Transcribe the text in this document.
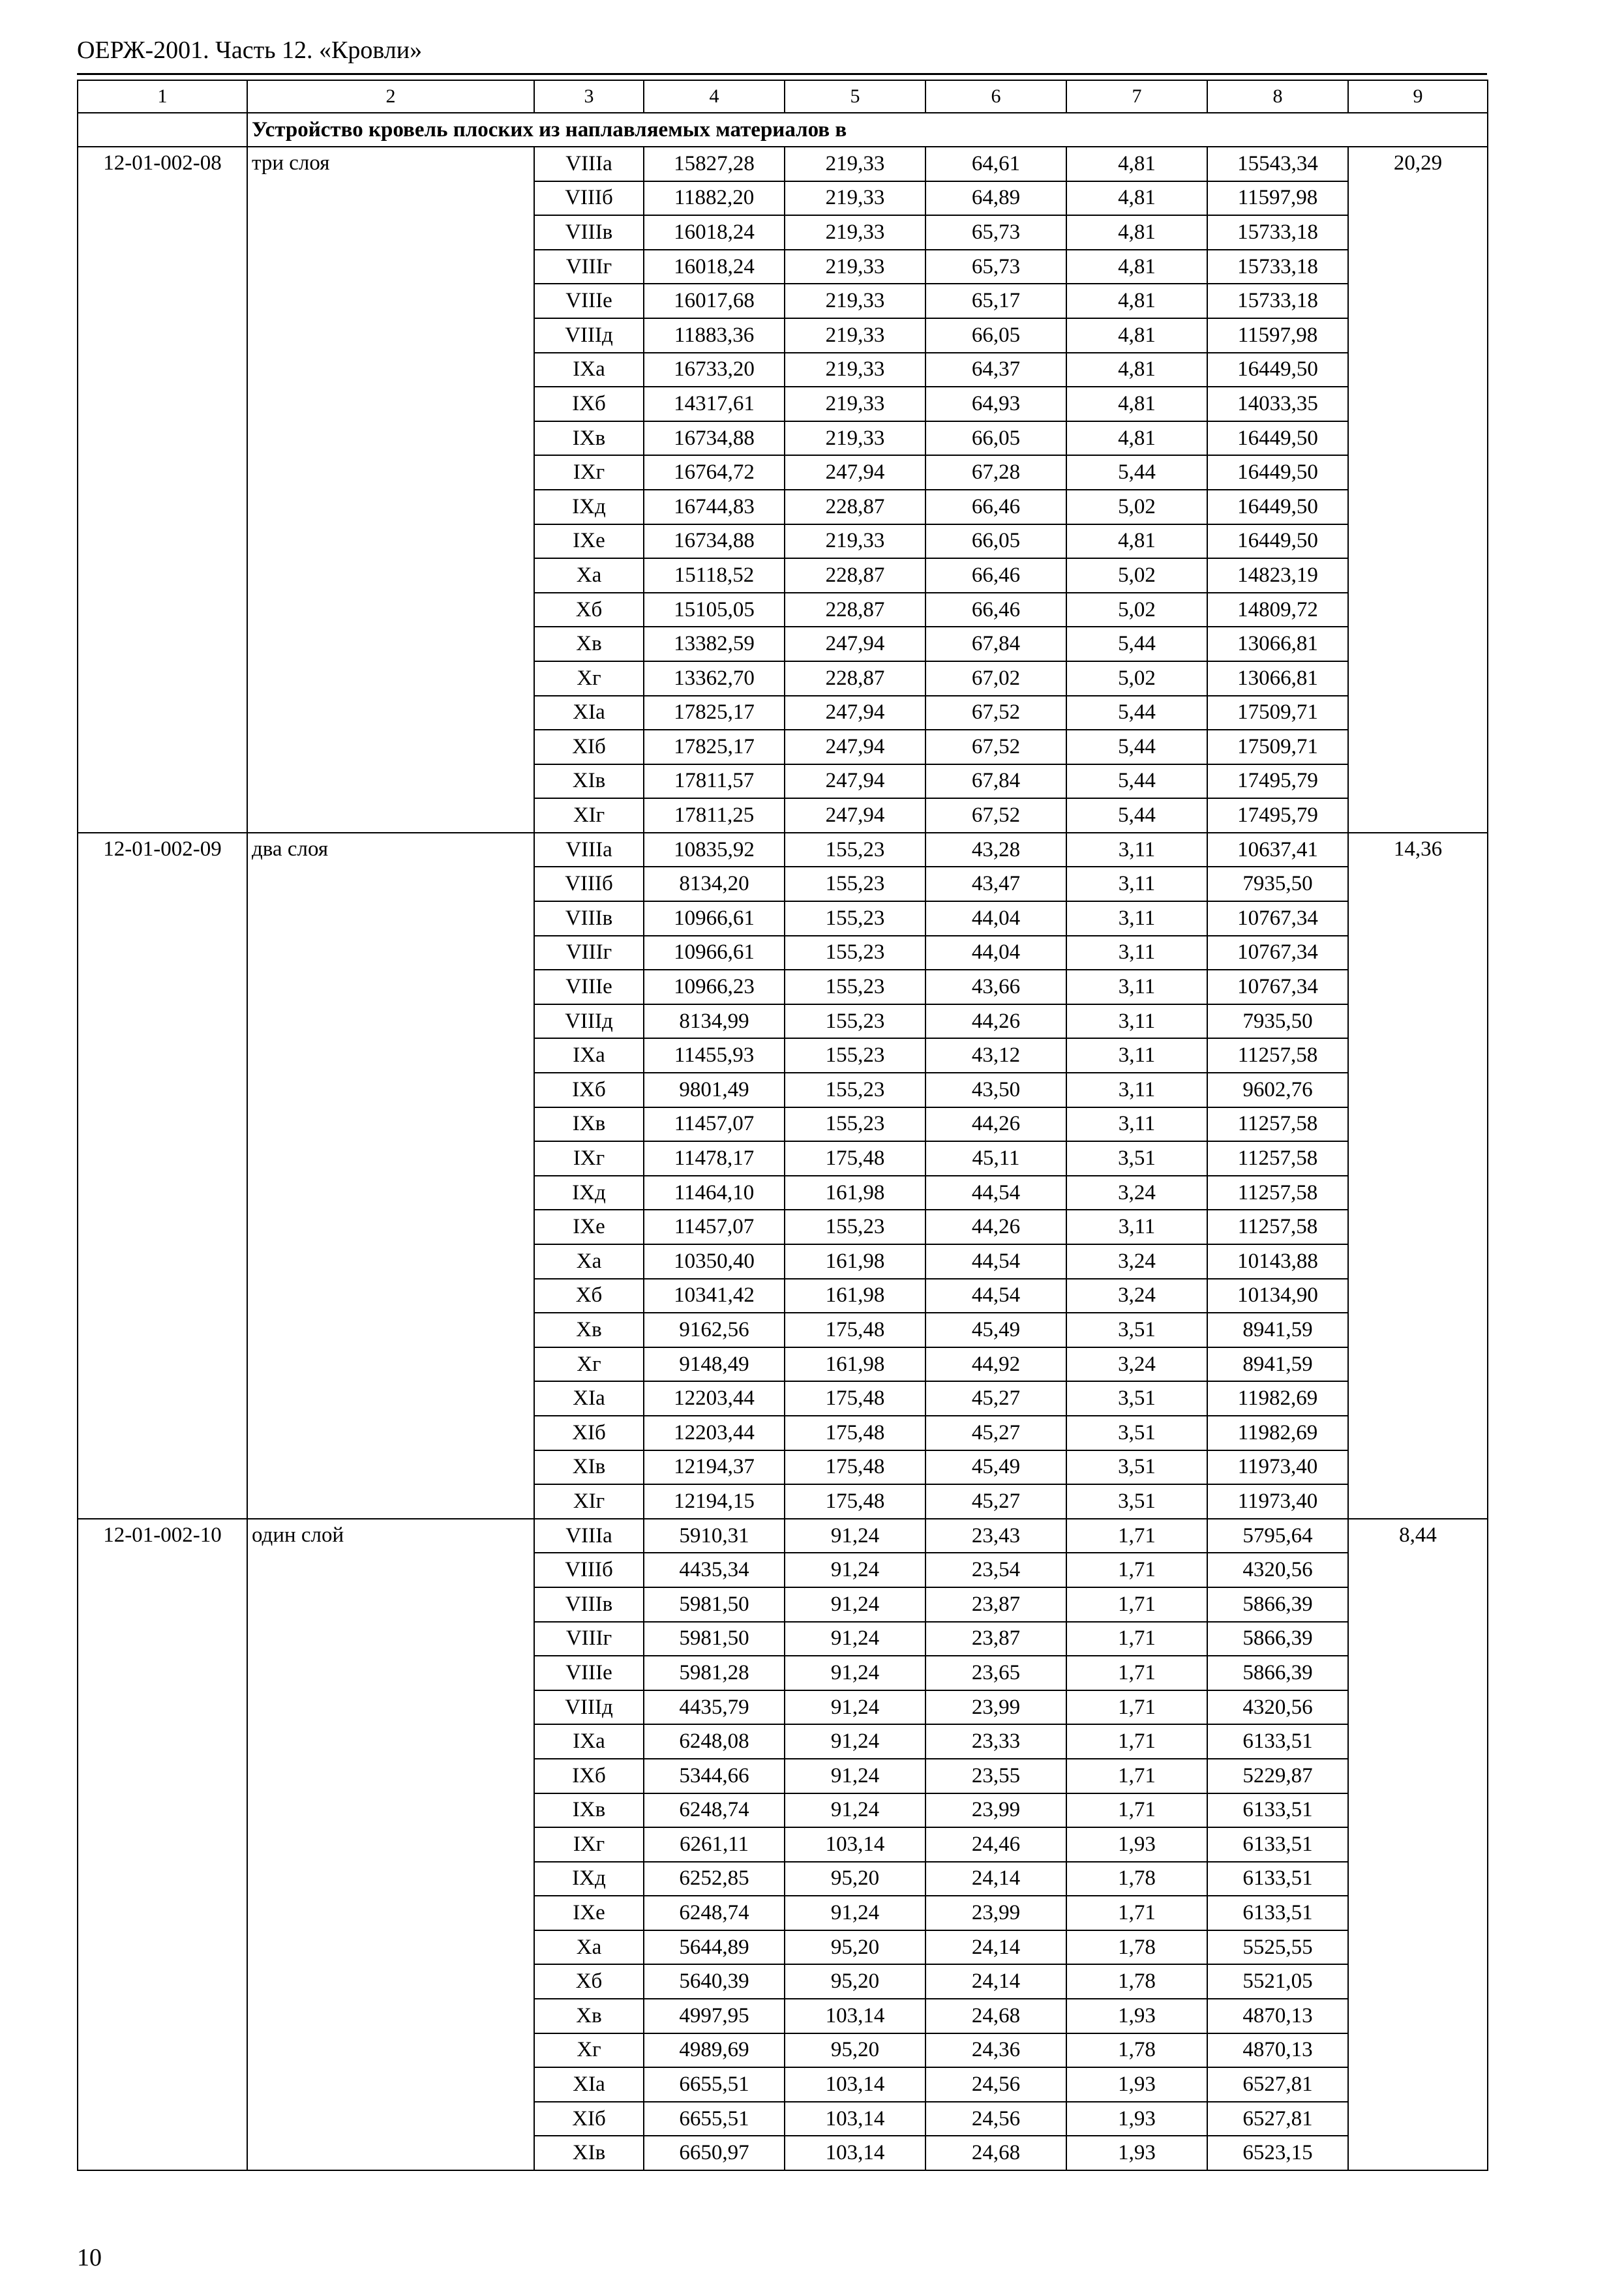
ОЕРЖ-2001. Часть 12. «Кровли»
1	2	3	4	5	6	7	8	9
	Устройство кровель плоских из наплавляемых материалов в							
12-01-002-08	три слоя	VIIIа	15827,28	219,33	64,61	4,81	15543,34	20,29
		VIIIб	11882,20	219,33	64,89	4,81	11597,98	
		VIIIв	16018,24	219,33	65,73	4,81	15733,18	
		VIIIг	16018,24	219,33	65,73	4,81	15733,18	
		VIIIе	16017,68	219,33	65,17	4,81	15733,18	
		VIIIд	11883,36	219,33	66,05	4,81	11597,98	
		IXа	16733,20	219,33	64,37	4,81	16449,50	
		IXб	14317,61	219,33	64,93	4,81	14033,35	
		IXв	16734,88	219,33	66,05	4,81	16449,50	
		IXг	16764,72	247,94	67,28	5,44	16449,50	
		IXд	16744,83	228,87	66,46	5,02	16449,50	
		IXе	16734,88	219,33	66,05	4,81	16449,50	
		Xа	15118,52	228,87	66,46	5,02	14823,19	
		Xб	15105,05	228,87	66,46	5,02	14809,72	
		Xв	13382,59	247,94	67,84	5,44	13066,81	
		Xг	13362,70	228,87	67,02	5,02	13066,81	
		XIа	17825,17	247,94	67,52	5,44	17509,71	
		XIб	17825,17	247,94	67,52	5,44	17509,71	
		XIв	17811,57	247,94	67,84	5,44	17495,79	
		XIг	17811,25	247,94	67,52	5,44	17495,79	
12-01-002-09	два слоя	VIIIа	10835,92	155,23	43,28	3,11	10637,41	14,36
		VIIIб	8134,20	155,23	43,47	3,11	7935,50	
		VIIIв	10966,61	155,23	44,04	3,11	10767,34	
		VIIIг	10966,61	155,23	44,04	3,11	10767,34	
		VIIIе	10966,23	155,23	43,66	3,11	10767,34	
		VIIIд	8134,99	155,23	44,26	3,11	7935,50	
		IXа	11455,93	155,23	43,12	3,11	11257,58	
		IXб	9801,49	155,23	43,50	3,11	9602,76	
		IXв	11457,07	155,23	44,26	3,11	11257,58	
		IXг	11478,17	175,48	45,11	3,51	11257,58	
		IXд	11464,10	161,98	44,54	3,24	11257,58	
		IXе	11457,07	155,23	44,26	3,11	11257,58	
		Xа	10350,40	161,98	44,54	3,24	10143,88	
		Xб	10341,42	161,98	44,54	3,24	10134,90	
		Xв	9162,56	175,48	45,49	3,51	8941,59	
		Xг	9148,49	161,98	44,92	3,24	8941,59	
		XIа	12203,44	175,48	45,27	3,51	11982,69	
		XIб	12203,44	175,48	45,27	3,51	11982,69	
		XIв	12194,37	175,48	45,49	3,51	11973,40	
		XIг	12194,15	175,48	45,27	3,51	11973,40	
12-01-002-10	один слой	VIIIа	5910,31	91,24	23,43	1,71	5795,64	8,44
		VIIIб	4435,34	91,24	23,54	1,71	4320,56	
		VIIIв	5981,50	91,24	23,87	1,71	5866,39	
		VIIIг	5981,50	91,24	23,87	1,71	5866,39	
		VIIIе	5981,28	91,24	23,65	1,71	5866,39	
		VIIIд	4435,79	91,24	23,99	1,71	4320,56	
		IXа	6248,08	91,24	23,33	1,71	6133,51	
		IXб	5344,66	91,24	23,55	1,71	5229,87	
		IXв	6248,74	91,24	23,99	1,71	6133,51	
		IXг	6261,11	103,14	24,46	1,93	6133,51	
		IXд	6252,85	95,20	24,14	1,78	6133,51	
		IXе	6248,74	91,24	23,99	1,71	6133,51	
		Xа	5644,89	95,20	24,14	1,78	5525,55	
		Xб	5640,39	95,20	24,14	1,78	5521,05	
		Xв	4997,95	103,14	24,68	1,93	4870,13	
		Xг	4989,69	95,20	24,36	1,78	4870,13	
		XIа	6655,51	103,14	24,56	1,93	6527,81	
		XIб	6655,51	103,14	24,56	1,93	6527,81	
		XIв	6650,97	103,14	24,68	1,93	6523,15	
10
